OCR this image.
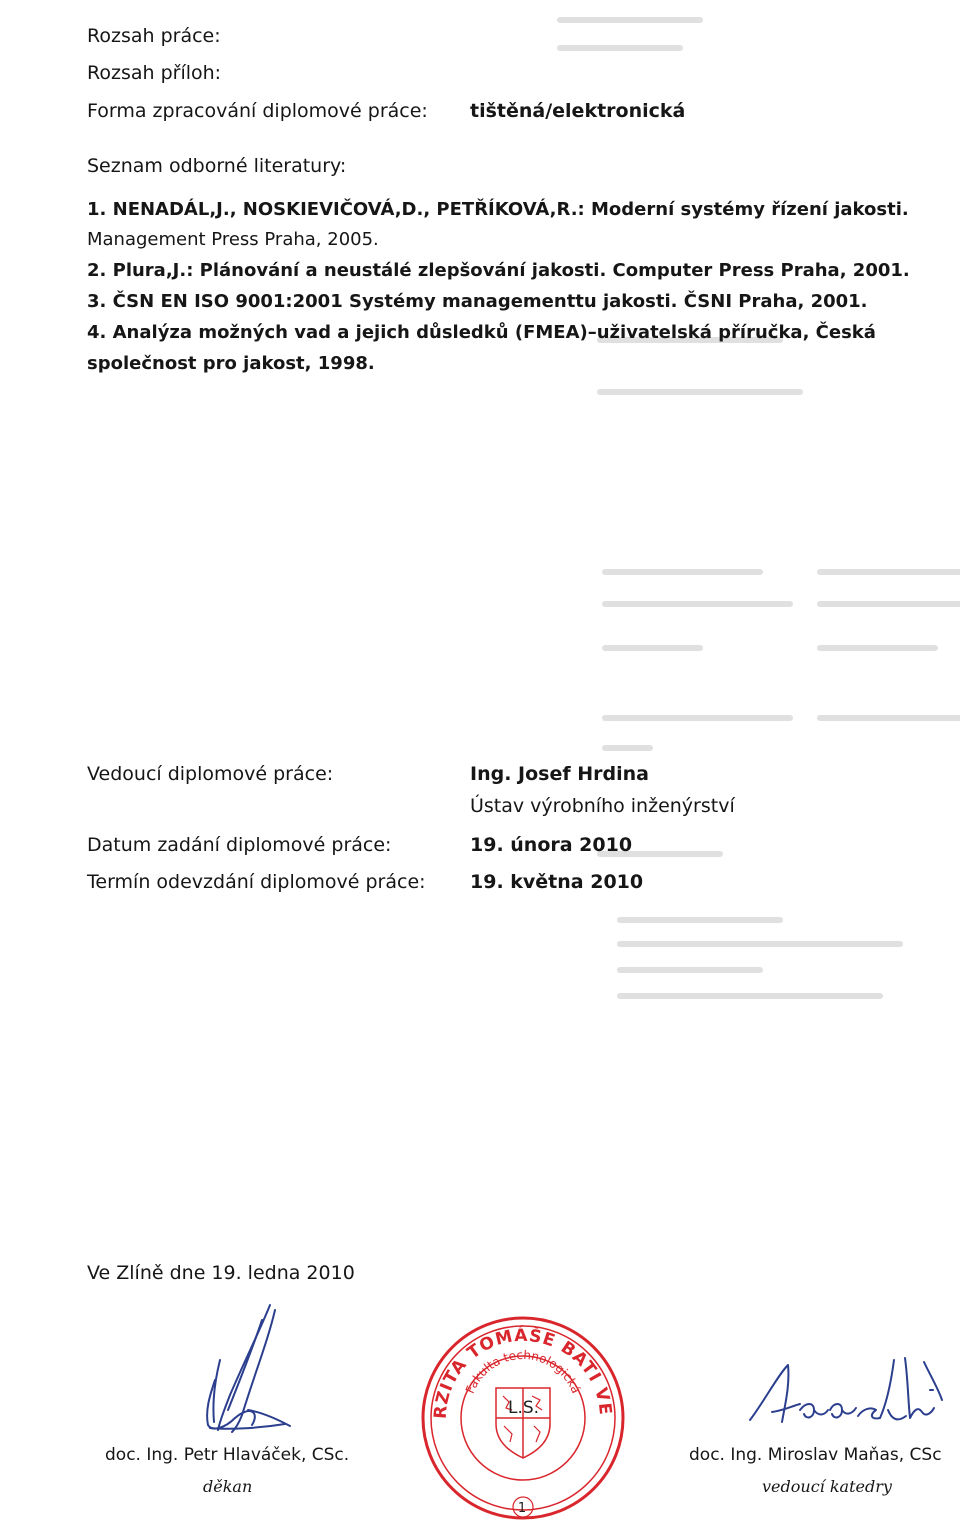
Rozsah práce:
Rozsah příloh:
Forma zpracování diplomové práce: tištěná/elektronická
Seznam odborné literatury:
1. NENADÁL,J., NOSKIEVIČOVÁ,D., PETŘÍKOVÁ,R.: Moderní systémy řízení jakosti.
Management Press Praha, 2005.
2. Plura,J.: Plánování a neustálé zlepšování jakosti. Computer Press Praha, 2001.
3. ČSN EN ISO 9001:2001 Systémy managementtu jakosti. ČSNI Praha, 2001.
4. Analýza možných vad a jejich důsledků (FMEA)–uživatelská příručka, Česká
společnost pro jakost, 1998.
Vedoucí diplomové práce:	Ing. Josef Hrdina
Ústav výrobního inženýrství
Datum zadání diplomové práce:	19. února 2010
Termín odevzdání diplomové práce: 19. května 2010
Ve Zlíně dne 19. ledna 2010
doc. Ing. Petr Hlaváček, CSc.
děkan
UNIVERZITA TOMÁŠE BATI VE ZLÍNĚ
Fakulta technologická
1
L.S.
doc. Ing. Miroslav Maňas, CSc
vedoucí katedry
